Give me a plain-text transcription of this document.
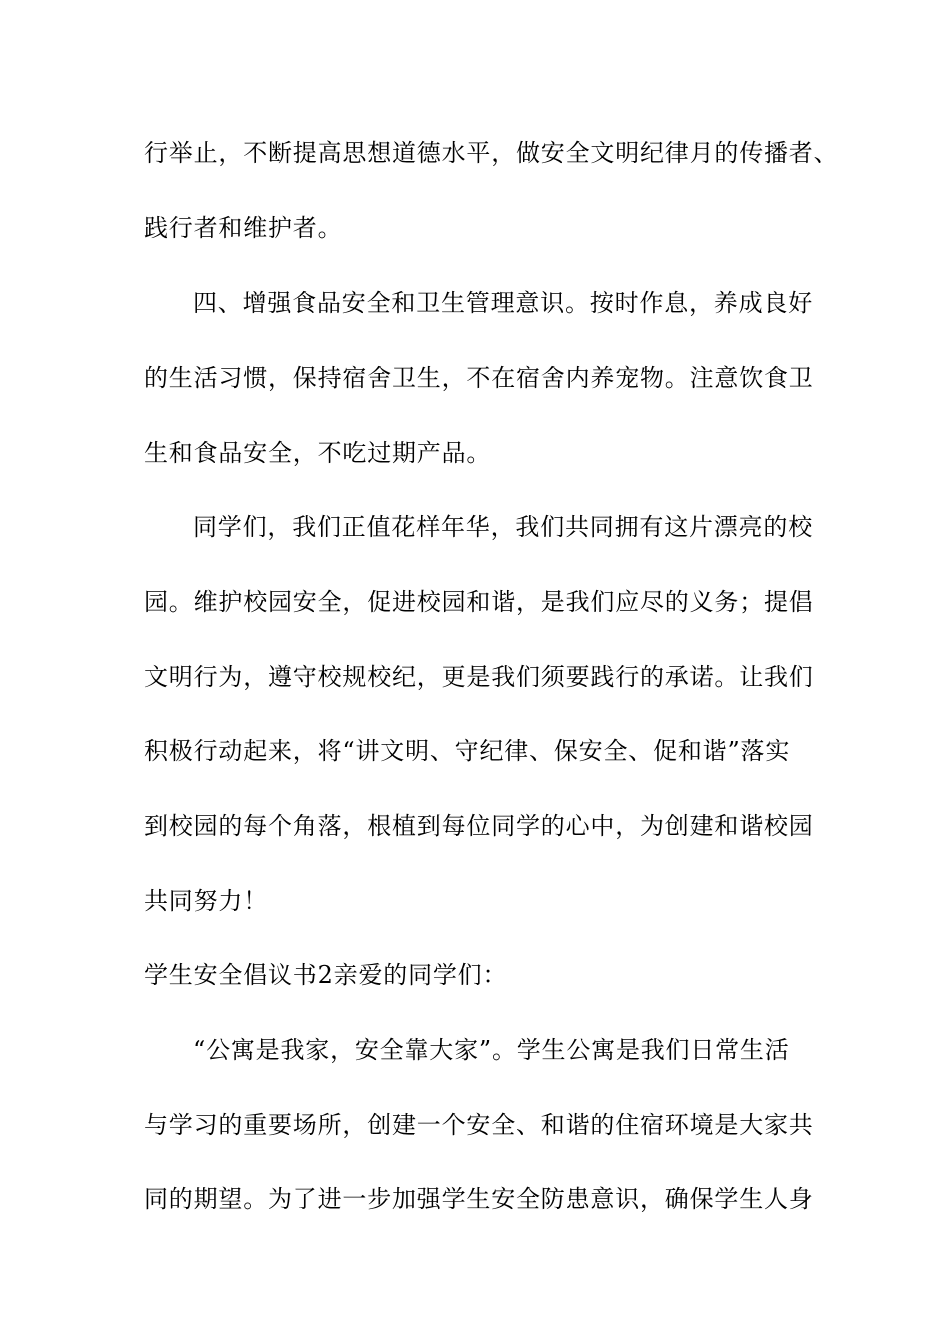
行举止，不断提高思想道德水平，做安全文明纪律月的传播者、
践行者和维护者。
四、增强食品安全和卫生管理意识。按时作息，养成良好
的生活习惯，保持宿舍卫生，不在宿舍内养宠物。注意饮食卫
生和食品安全，不吃过期产品。
同学们，我们正值花样年华，我们共同拥有这片漂亮的校
园。维护校园安全，促进校园和谐，是我们应尽的义务；提倡
文明行为，遵守校规校纪，更是我们须要践行的承诺。让我们
积极行动起来，将“讲文明、守纪律、保安全、促和谐”落实
到校园的每个角落，根植到每位同学的心中，为创建和谐校园
共同努力！
学生安全倡议书2亲爱的同学们：
“公寓是我家，安全靠大家”。学生公寓是我们日常生活
与学习的重要场所，创建一个安全、和谐的住宿环境是大家共
同的期望。为了进一步加强学生安全防患意识，确保学生人身
